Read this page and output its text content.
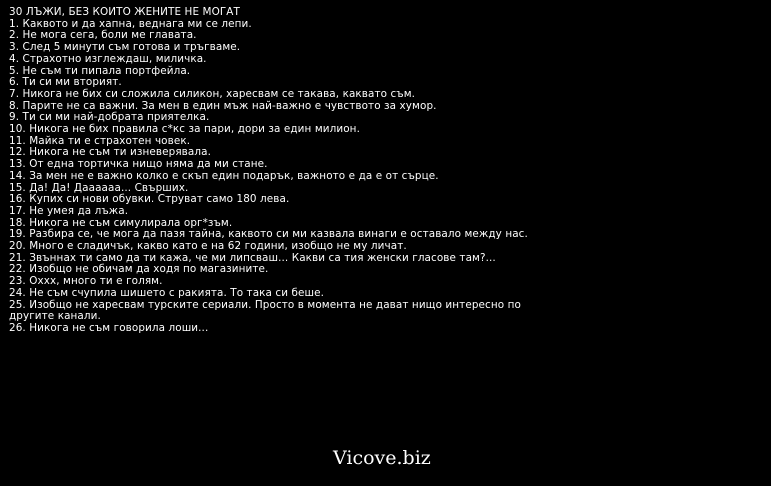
30 ЛЪЖИ, БЕЗ КОИТО ЖЕНИТЕ НЕ МОГАТ
1. Каквото и да хапна, веднага ми се лепи.
2. Не мога сега, боли ме главата.
3. След 5 минути съм готова и тръгваме.
4. Страхотно изглеждаш, миличка.
5. Не съм ти пипала портфейла.
6. Ти си ми вторият.
7. Никога не бих си сложила силикон, харесвам се такава, каквато съм.
8. Парите не са важни. За мен в един мъж най-важно е чувството за хумор.
9. Ти си ми най-добрата приятелка.
10. Никога не бих правила с*кс за пари, дори за един милион.
11. Майка ти е страхотен човек.
12. Никога не съм ти изневерявала.
13. От една тортичка нищо няма да ми стане.
14. За мен не е важно колко е скъп един подарък, важното е да е от сърце.
15. Да! Да! Даааааа... Свърших.
16. Купих си нови обувки. Струват само 180 лева.
17. Не умея да лъжа.
18. Никога не съм симулирала орг*зъм.
19. Разбира се, че мога да пазя тайна, каквото си ми казвала винаги е оставало между нас.
20. Много е сладичък, какво като е на 62 години, изобщо не му личат.
21. Звъннах ти само да ти кажа, че ми липсваш... Какви са тия женски гласове там?...
22. Изобщо не обичам да ходя по магазините.
23. Оххх, много ти е голям.
24. Не съм счупила шишето с ракията. То така си беше.
25. Изобщо не харесвам турските сериали. Просто в момента не дават нищо интересно по другите канали.
26. Никога не съм говорила лоши...
Vicove.biz
